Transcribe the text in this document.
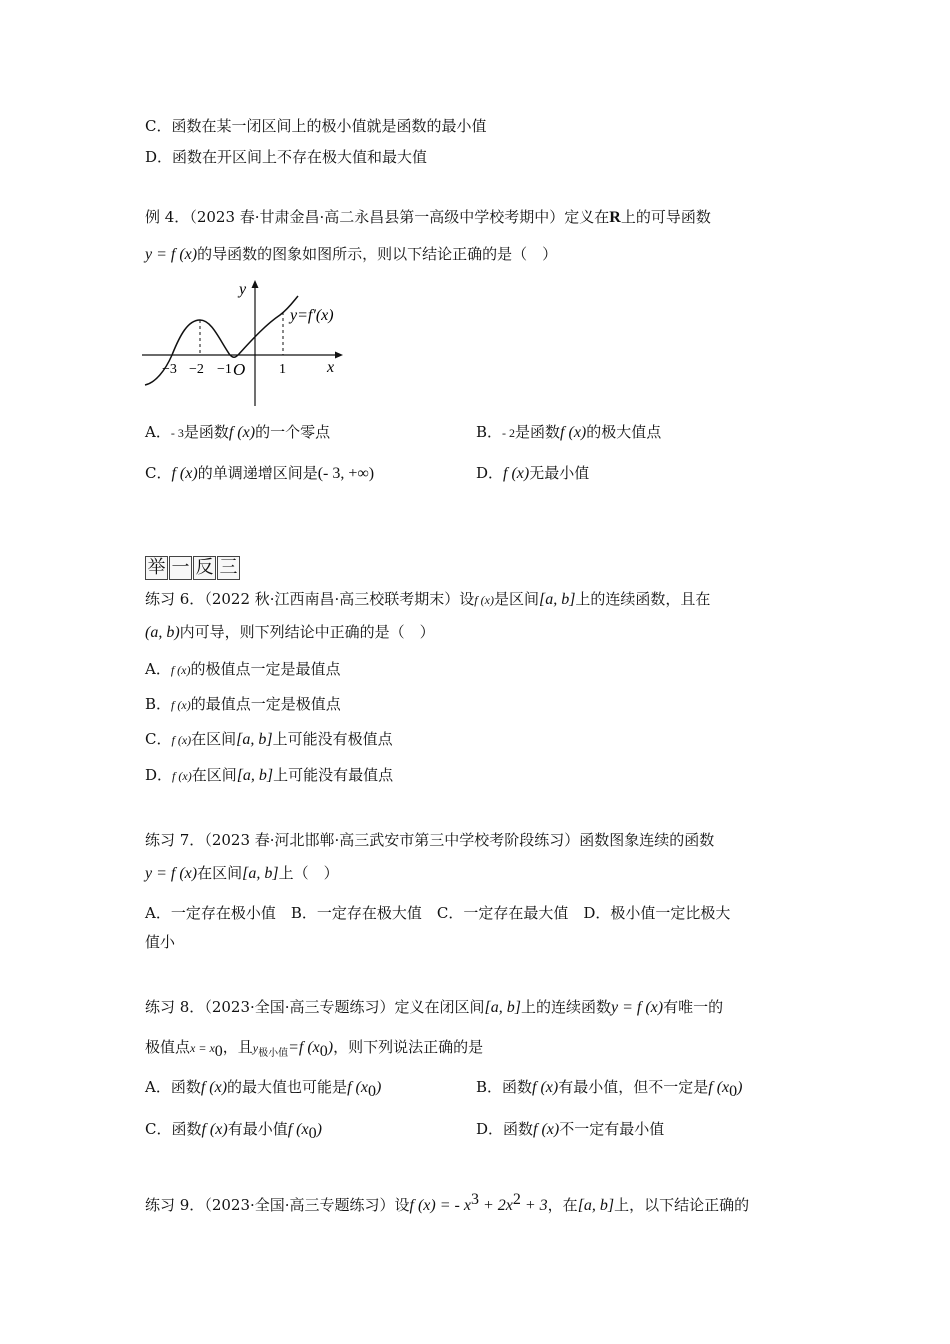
C．函数在某一闭区间上的极小值就是函数的最小值
D．函数在开区间上不存在极大值和最大值
例 4．（2023 春·甘肃金昌·高二永昌县第一高级中学校考期中）定义在R上的可导函数
y = f (x)的导函数的图象如图所示，则以下结论正确的是（　）
y
x
y=f′(x)
−3 −2 −1 O 1
A．- 3是函数f (x)的一个零点	B．- 2是函数f (x)的极大值点
C．f (x)的单调递增区间是(- 3, +∞)	D．f (x)无最小值
举 一 反 三
练习 6．（2022 秋·江西南昌·高三校联考期末）设f (x)是区间[a, b]上的连续函数，且在
(a, b)内可导，则下列结论中正确的是（　）
A．f (x)的极值点一定是最值点
B．f (x)的最值点一定是极值点
C．f (x)在区间[a, b]上可能没有极值点
D．f (x)在区间[a, b]上可能没有最值点
练习 7．（2023 春·河北邯郸·高三武安市第三中学校考阶段练习）函数图象连续的函数
y = f (x)在区间[a, b]上（　）
A．一定存在极小值　B．一定存在极大值　C．一定存在最大值　D．极小值一定比极大
值小
练习 8．（2023·全国·高三专题练习）定义在闭区间[a, b]上的连续函数y = f (x)有唯一的
极值点$x = x_0$，且$y_{极小值}=f$ $(x_0)$，则下列说法正确的是
A．函数f (x)的最大值也可能是f $(x_0)$	B．函数f (x)有最小值，但不一定是f $(x_0)$
C．函数f (x)有最小值f $(x_0)$	D．函数f (x)不一定有最小值
练习 9．（2023·全国·高三专题练习）设f (x) = - $x^3 + 2x^2 + 3$，在[a, b]上，以下结论正确的
